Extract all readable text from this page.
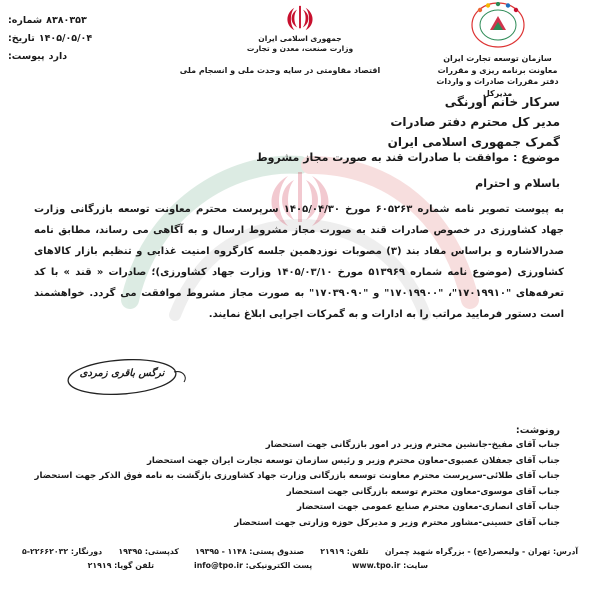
شماره: ۸۳۸۰۳۵۳
تاریخ: ۱۴۰۵/۰۵/۰۴
پیوست: دارد
جمهوری اسلامی ایران
وزارت صنعت، معدن و تجارت
اقتصاد مقاومتی در سایه وحدت ملی و انسجام ملی
سازمان توسعه تجارت ایران
معاونت برنامه ریزی و مقررات
دفتر مقررات صادرات و واردات
مدیرکل
سرکار خانم اورنگی
مدیر کل محترم دفتر صادرات
گمرک جمهوری اسلامی ایران
موضوع : موافقت با صادرات قند به صورت مجاز مشروط
باسلام و احترام
به پیوست تصویر نامه شماره ۶۰۵۲۶۳ مورخ ۱۴۰۵/۰۴/۳۰ سرپرست محترم معاونت توسعه بازرگانی وزارت جهاد کشاورزی در خصوص صادرات قند به صورت مجاز مشروط ارسال و به آگاهی می رساند، مطابق نامه صدرالاشاره و براساس مفاد بند (۳) مصوبات نوزدهمین جلسه کارگروه امنیت غذایی و تنظیم بازار کالاهای کشاورزی (موضوع نامه شماره ۵۱۳۹۶۹ مورخ ۱۴۰۵/۰۳/۱۰ وزارت جهاد کشاورزی)؛ صادرات « قند » با کد تعرفه‌های "۱۷۰۱۹۹۱۰"، "۱۷۰۱۹۹۰۰" و "۱۷۰۳۹۰۹۰" به صورت مجاز مشروط موافقت می گردد. خواهشمند است دستور فرمایید مراتب را به ادارات و به گمرکات اجرایی ابلاغ نمایند.
نرگس باقری زمردی
رونوشت:
جناب آقای مفیخ-جانشین محترم وزیر در امور بازرگانی جهت استحضار
جناب آقای جعفلان عصبوی-معاون محترم وزیر و رئیس سازمان توسعه تجارت ایران جهت استحضار
جناب آقای طلائی-سرپرست محترم معاونت توسعه بازرگانی وزارت جهاد کشاورزی بازگشت به نامه فوق الذکر جهت استحضار
جناب آقای موسوی-معاون محترم توسعه بازرگانی جهت استحضار
جناب آقای انصاری-معاون محترم صنایع عمومی جهت استحضار
جناب آقای حسینی-مشاور محترم وزیر و مدیرکل حوزه وزارتی جهت استحضار
آدرس: تهران - ولیعصر(عج) - بزرگراه شهید چمران
تلفن: ۲۱۹۱۹
صندوق پستی: ۱۱۴۸ - ۱۹۳۹۵
کدپستی: ۱۹۳۹۵
دورنگار: ۲۲۶۶۲۰۳۲-۵
سایت: www.tpo.ir
پست الکترونیکی: info@tpo.ir
تلفن گویا: ۲۱۹۱۹
